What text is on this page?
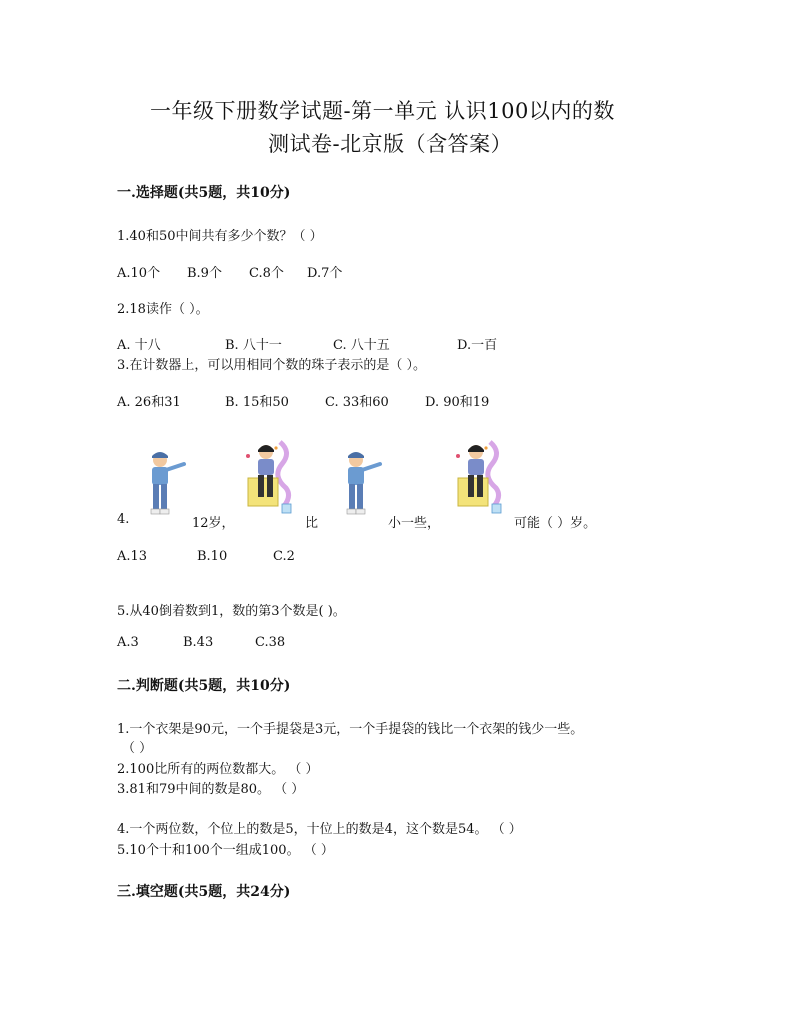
一年级下册数学试题-第一单元 认识100以内的数
测试卷-北京版（含答案）
一.选择题(共5题，共10分)
1.40和50中间共有多少个数？（ ）
A.10个 B.9个 C.8个 D.7个
2.18读作（ ）。
A. 十八	B. 八十一	C. 八十五	D.一百
3.在计数器上，可以用相同个数的珠子表示的是（ ）。
A. 26和31	B. 15和50	C. 33和60	D. 90和19
4.	12岁，	比	小一些，	可能（ ）岁。
A.13	B.10	C.2
5.从40倒着数到1，数的第3个数是( )。
A.3	B.43	C.38
二.判断题(共5题，共10分)
1.一个衣架是90元，一个手提袋是3元，一个手提袋的钱比一个衣架的钱少一些。
（ ）
2.100比所有的两位数都大。 （ ）
3.81和79中间的数是80。 （ ）
4.一个两位数，个位上的数是5，十位上的数是4，这个数是54。 （ ）
5.10个十和100个一组成100。 （ ）
三.填空题(共5题，共24分)
